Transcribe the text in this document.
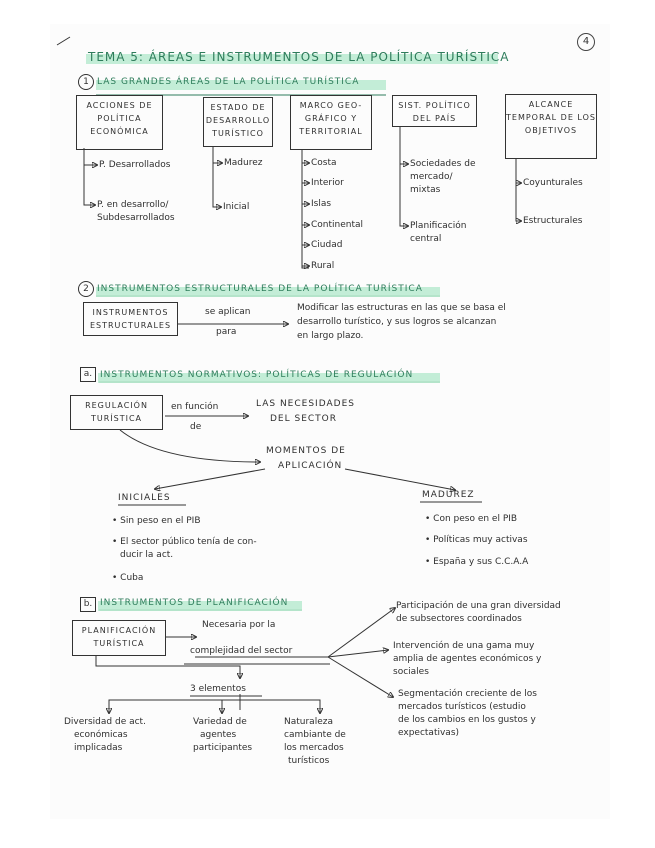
4
TEMA 5: ÁREAS E INSTRUMENTOS DE LA POLÍTICA TURÍSTICA
1 LAS GRANDES ÁREAS DE LA POLÍTICA TURÍSTICA
ACCIONES DE POLÍTICA ECONÓMICA
ESTADO DE DESARROLLO TURÍSTICO
MARCO GEO- GRÁFICO Y TERRITORIAL
SIST. POLÍTICO DEL PAÍS
ALCANCE TEMPORAL DE LOS OBJETIVOS
P. Desarrollados
P. en desarrollo/ Subdesarrollados
Madurez
Inicial
Costa
Interior
Islas
Continental
Ciudad
Rural
Sociedades de mercado/ mixtas
Planificación central
Coyunturales
Estructurales
2 INSTRUMENTOS ESTRUCTURALES DE LA POLÍTICA TURÍSTICA
INSTRUMENTOS ESTRUCTURALES
se aplican
para
Modificar las estructuras en las que se basa el
desarrollo turístico, y sus logros se alcanzan
en largo plazo.
a. INSTRUMENTOS NORMATIVOS: POLÍTICAS DE REGULACIÓN
REGULACIÓN TURÍSTICA
en función
de
LAS NECESIDADES
DEL SECTOR
MOMENTOS DE
APLICACIÓN
INICIALES
• Sin peso en el PIB
• El sector público tenía de con-
ducir la act.
• Cuba
MADUREZ
• Con peso en el PIB
• Políticas muy activas
• España y sus C.C.A.A
b. INSTRUMENTOS DE PLANIFICACIÓN
PLANIFICACIÓN TURÍSTICA
Necesaria por la
complejidad del sector
Participación de una gran diversidad
de subsectores coordinados
Intervención de una gama muy
amplia de agentes económicos y
sociales
Segmentación creciente de los
mercados turísticos (estudio
de los cambios en los gustos y
expectativas)
3 elementos
Diversidad de act.
económicas
implicadas
Variedad de
agentes
participantes
Naturaleza
cambiante de
los mercados
turísticos
